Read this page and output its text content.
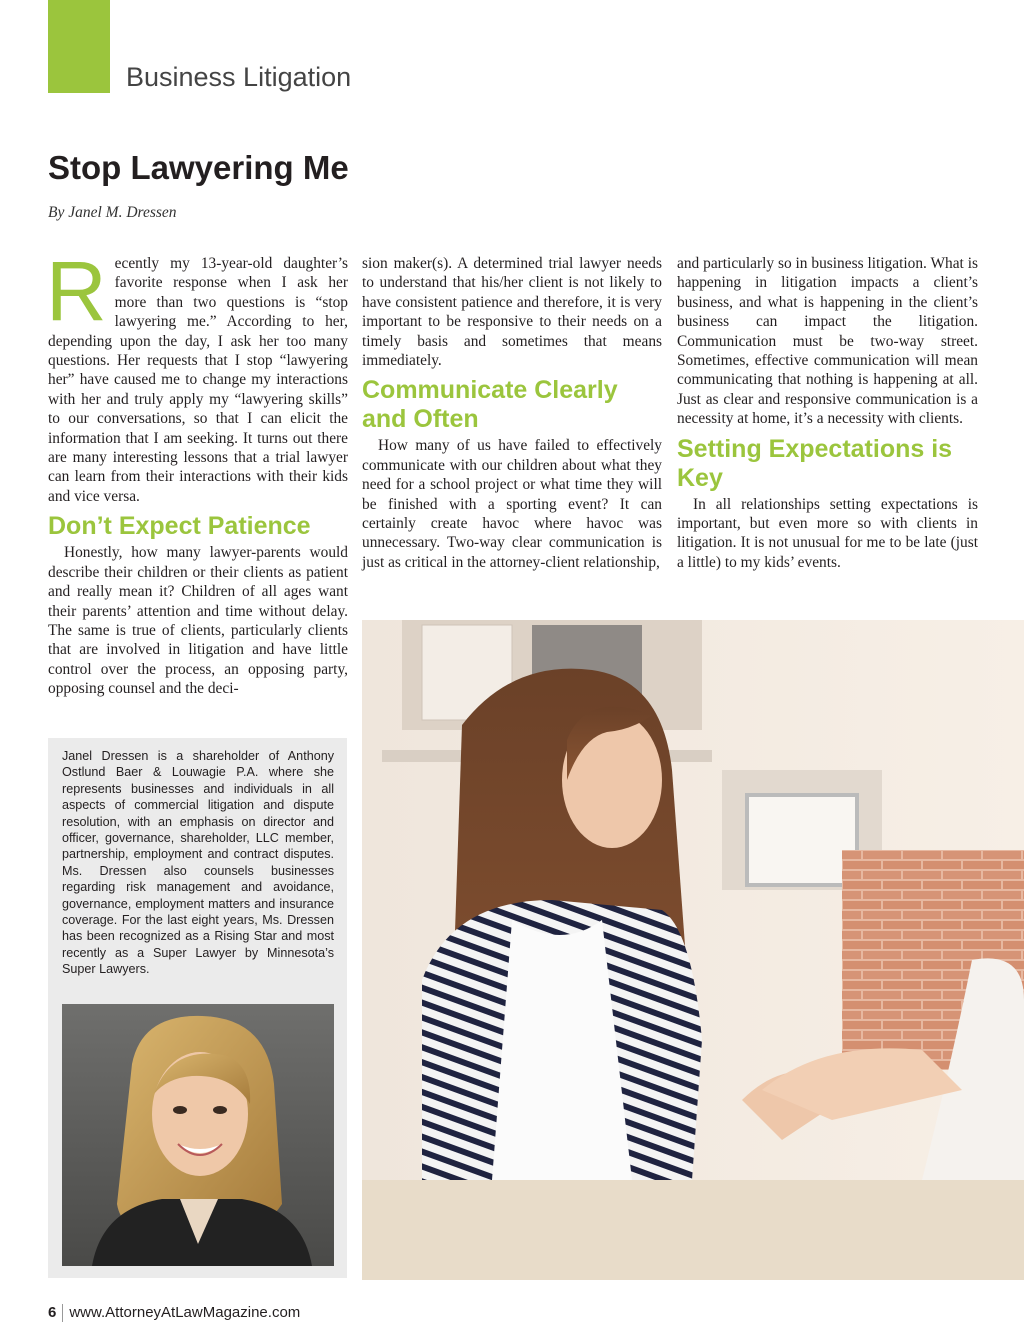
Business Litigation
Stop Lawyering Me
By Janel M. Dressen

Recently my 13-year-old daughter’s favorite response when I ask her more than two questions is “stop lawyering me.” According to her, depending upon the day, I ask her too many questions. Her requests that I stop “lawyering her” have caused me to change my interactions with her and truly apply my “lawyering skills” to our conversations, so that I can elicit the information that I am seeking. It turns out there are many interesting lessons that a trial lawyer can learn from their interactions with their kids and vice versa.

Don’t Expect Patience

Honestly, how many lawyer-parents would describe their children or their clients as patient and really mean it? Children of all ages want their parents’ attention and time without delay. The same is true of clients, particularly clients that are involved in litigation and have little control over the process, an opposing party, opposing counsel and the deci-

sion maker(s). A determined trial lawyer needs to understand that his/her client is not likely to have consistent patience and therefore, it is very important to be responsive to their needs on a timely basis and sometimes that means immediately.

Communicate Clearly and Often

How many of us have failed to effectively communicate with our children about what they need for a school project or what time they will be finished with a sporting event? It can certainly create havoc where havoc was unnecessary. Two-way clear communication is just as critical in the attorney-client relationship,

and particularly so in business litigation. What is happening in litigation impacts a client’s business, and what is happening in the client’s business can impact the litigation. Communication must be two-way street. Sometimes, effective communication will mean communicating that nothing is happening at all. Just as clear and responsive communication is a necessity at home, it’s a necessity with clients.

Setting Expectations is Key

In all relationships setting expectations is important, but even more so with clients in litigation. It is not unusual for me to be late (just a little) to my kids’ events.

Janel Dressen is a shareholder of Anthony Ostlund Baer & Louwagie P.A. where she represents businesses and individuals in all aspects of commercial litigation and dispute resolution, with an emphasis on director and officer, governance, shareholder, LLC member, partnership, employment and contract disputes. Ms. Dressen also counsels businesses regarding risk management and avoidance, governance, employment matters and insurance coverage. For the last eight years, Ms. Dressen has been recognized as a Rising Star and most recently as a Super Lawyer by Minnesota’s Super Lawyers.
6 www.AttorneyAtLawMagazine.com
